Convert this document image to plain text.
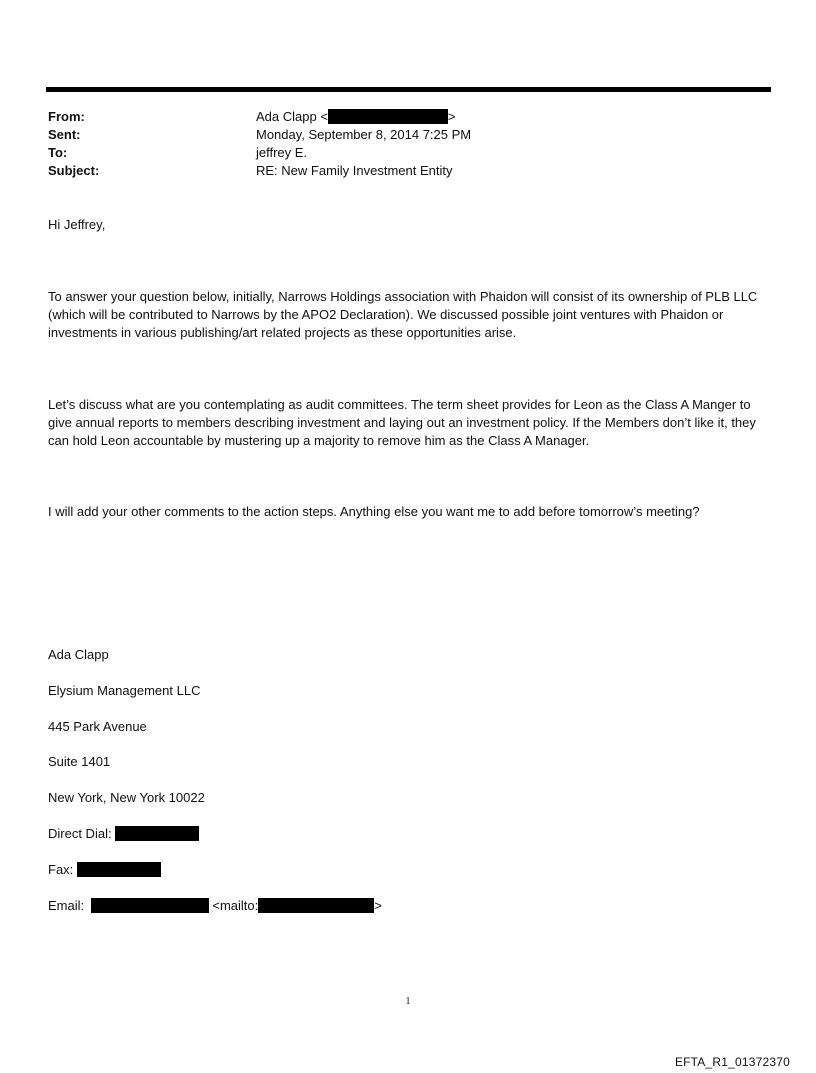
From:	Ada Clapp <	>
Sent:	Monday, September 8, 2014 7:25 PM
To:	jeffrey E.
Subject:	RE: New Family Investment Entity
Hi Jeffrey,
To answer your question below, initially, Narrows Holdings association with Phaidon will consist of its ownership of PLB LLC (which will be contributed to Narrows by the APO2 Declaration). We discussed possible joint ventures with Phaidon or investments in various publishing/art related projects as these opportunities arise.
Let’s discuss what are you contemplating as audit committees. The term sheet provides for Leon as the Class A Manger to give annual reports to members describing investment and laying out an investment policy. If the Members don’t like it, they can hold Leon accountable by mustering up a majority to remove him as the Class A Manager.
I will add your other comments to the action steps. Anything else you want me to add before tomorrow’s meeting?
Ada Clapp
Elysium Management LLC
445 Park Avenue
Suite 1401
New York, New York 10022
Direct Dial:
Fax:
Email:	<mailto:	>
1
EFTA_R1_01372370
